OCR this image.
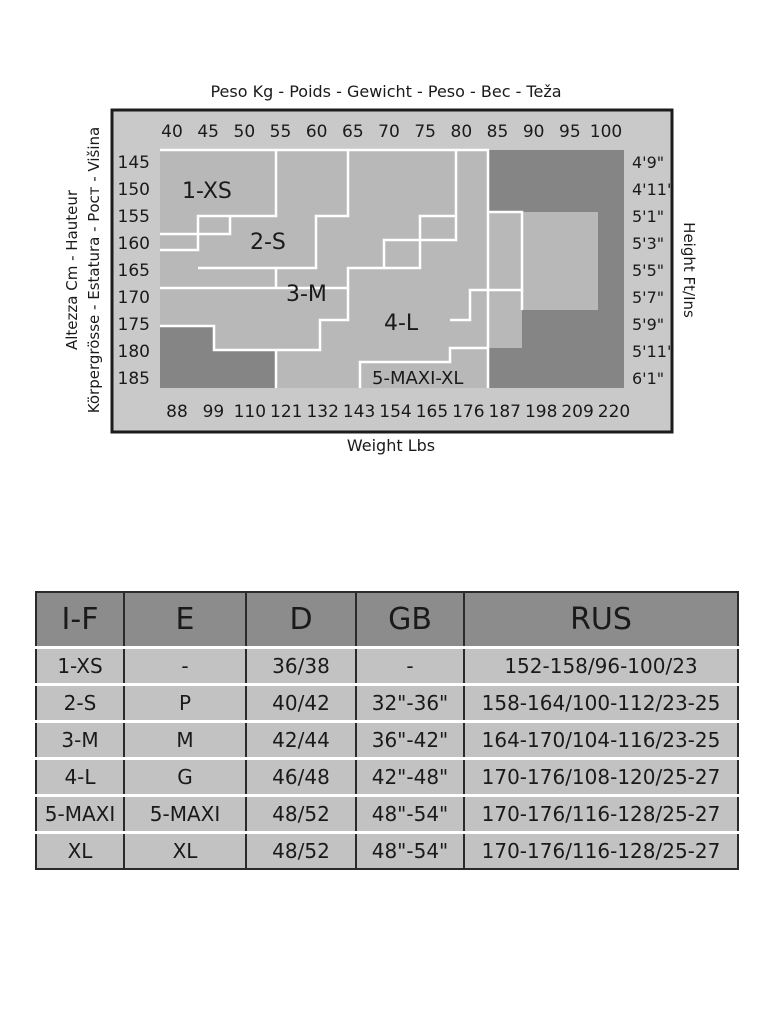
1-XS
2-S
3-M
4-L
5-MAXI-XL
Peso Kg - Poids - Gewicht - Peso - Вес - Teža
Weight Lbs
Altezza Cm - Hauteur Körpergrösse - Estatura - Рост - Višina	Height Ft/Ins
40 45 50 55 60 65 70 75 80 85 90 95 100
88 99 110 121 132 143 154 165 176 187 198 209 220
145
150
155
160
165
170
175
180
185
4'9"
4'11"
5'1"
5'3"
5'5"
5'7"
5'9"
5'11"
6'1"
I-F	E	D	GB	RUS
1-XS	-	36/38	-	152-158/96-100/23
2-S	P	40/42	32"-36"	158-164/100-112/23-25
3-M	M	42/44	36"-42"	164-170/104-116/23-25
4-L	G	46/48	42"-48"	170-176/108-120/25-27
5-MAXI	5-MAXI	48/52	48"-54"	170-176/116-128/25-27
XL	XL	48/52	48"-54"	170-176/116-128/25-27
